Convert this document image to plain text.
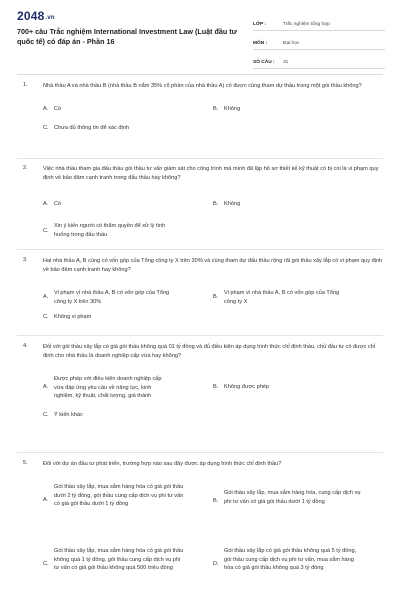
2048.vn
700+ câu Trắc nghiệm International Investment Law (Luật đầu tư quốc tế) có đáp án - Phần 16
LỚP :	Trắc nghiệm tổng hợp
MÔN :	Đại học
SỐ CÂU :	31
1.	Nhà thầu A và nhà thầu B (nhà thầu B nắm 35% cổ phần của nhà thầu A) có được cùng tham dự thầu trong một gói thầu không?
A. Có	B. Không
C. Chưa đủ thông tin để xác định
2.	Việc nhà thầu tham gia đấu thầu gói thầu tư vấn giám sát cho công trình mà mình đã lập hồ sơ thiết kế kỹ thuật có bị coi là vi phạm quy định về bảo đảm cạnh tranh trong đấu thầu hay không?
A. Có	B. Không
C.
Xin ý kiến người có thẩm quyền để xử lý tình huống trong đấu thầu
3.	Hai nhà thầu A, B cùng có vốn góp của Tổng công ty X trên 30% và cùng tham dự đấu thầu rộng rãi gói thầu xây lắp có vi phạm quy định về bảo đảm cạnh tranh hay không?
A.
Vi phạm vì nhà thầu A, B có vốn góp của Tổng công ty X trên 30%
B.
Vi phạm vì nhà thầu A, B có vốn góp của Tổng công ty X
C. Không vi phạm
4.	Đối với gói thầu xây lắp có giá gói thầu không quá 01 tỷ đồng và đủ điều kiện áp dụng hình thức chỉ định thầu, chủ đầu tư có được chỉ định cho nhà thầu là doanh nghiệp cấp vừa hay không?
A.
Được phép với điều kiện doanh nghiệp cấp vừa đáp ứng yêu cầu về năng lực, kinh nghiệm, kỹ thuật, chất lượng, giá thành
B. Không được phép
C. Ý kiến khác
5.	Đối với dự án đầu tư phát triển, trường hợp nào sau đây được áp dụng hình thức chỉ định thầu?
A.
Gói thầu xây lắp, mua sắm hàng hóa có giá gói thầu dưới 2 tỷ đồng, gói thầu cung cấp dịch vụ phi tư vấn có giá gói thầu dưới 1 tỷ đồng	B.
Gói thầu xây lắp, mua sắm hàng hóa, cung cấp dịch vụ phi tư vấn có giá gói thầu dưới 1 tỷ đồng
C.
Gói thầu xây lắp, mua sắm hàng hóa có giá gói thầu không quá 1 tỷ đồng, gói thầu cung cấp dịch vụ phi tư vấn có giá gói thầu không quá 500 triệu đồng
D.
Gói thầu xây lắp có giá gói thầu không quá 5 tỷ đồng, gói thầu cung cấp dịch vụ phi tư vấn, mua sắm hàng hóa có giá gói thầu không quá 3 tỷ đồng
